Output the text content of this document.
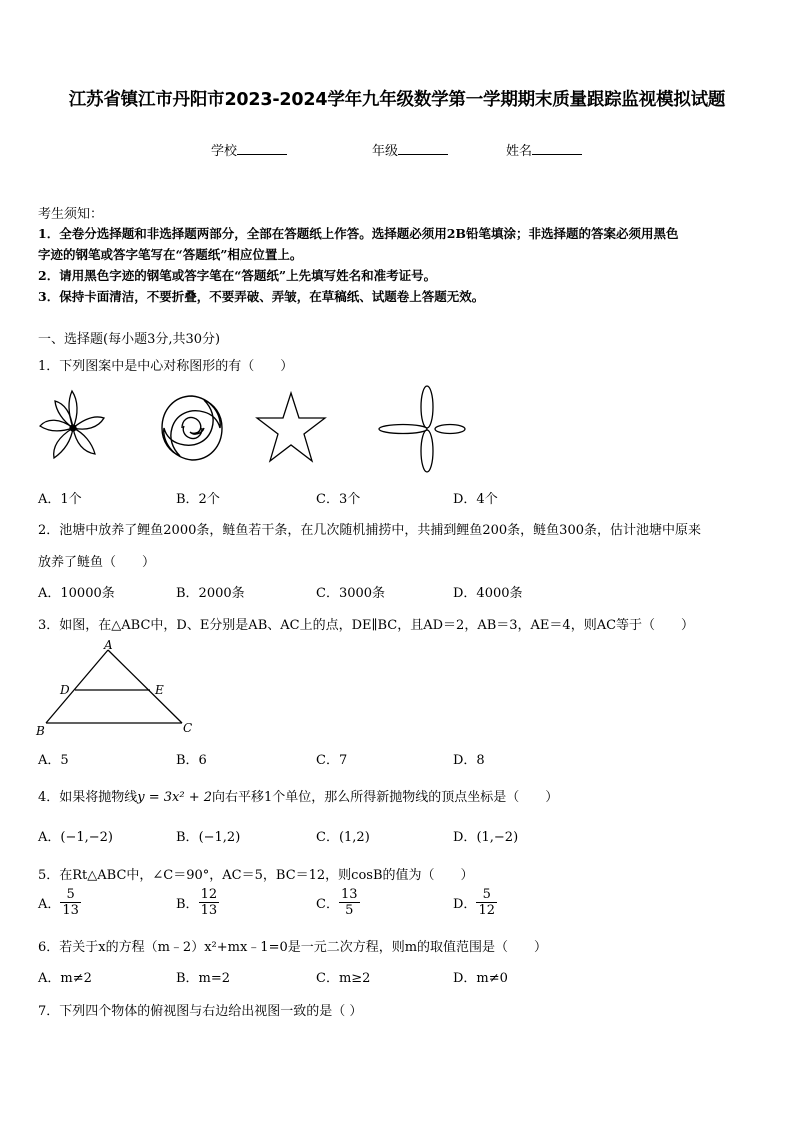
江苏省镇江市丹阳市2023-2024学年九年级数学第一学期期末质量跟踪监视模拟试题
学校	年级	姓名
考生须知：
1．全卷分选择题和非选择题两部分，全部在答题纸上作答。选择题必须用2B铅笔填涂；非选择题的答案必须用黑色
字迹的钢笔或答字笔写在“答题纸”相应位置上。
2．请用黑色字迹的钢笔或答字笔在“答题纸”上先填写姓名和准考证号。
3．保持卡面清洁，不要折叠，不要弄破、弄皱，在草稿纸、试题卷上答题无效。
一、选择题(每小题3分,共30分)
1．下列图案中是中心对称图形的有（　　）
A．1个	B．2个	C．3个	D．4个
2．池塘中放养了鲤鱼2000条，鲢鱼若干条，在几次随机捕捞中，共捕到鲤鱼200条，鲢鱼300条，估计池塘中原来
放养了鲢鱼（　　）
A．10000条	B．2000条	C．3000条	D．4000条
3．如图，在△ABC中，D、E分别是AB、AC上的点，DE∥BC，且AD＝2，AB＝3，AE＝4，则AC等于（　　）
A
B	C
D	E
A．5	B．6	C．7	D．8
4．如果将抛物线y = 3x² + 2向右平移1个单位，那么所得新抛物线的顶点坐标是（　　）
A．(−1,−2)	B．(−1,2)	C．(1,2)	D．(1,−2)
5．在Rt△ABC中，∠C＝90°，AC＝5，BC＝12，则cosB的值为（　　）
A． $\frac{5}{13}$	B． $\frac{12}{13}$	C． $\frac{13}{5}$	D． $\frac{5}{12}$
6．若关于x的方程（m﹣2）x²+mx﹣1=0是一元二次方程，则m的取值范围是（　　）
A．m≠2	B．m=2	C．m≥2	D．m≠0
7．下列四个物体的俯视图与右边给出视图一致的是（ ）
